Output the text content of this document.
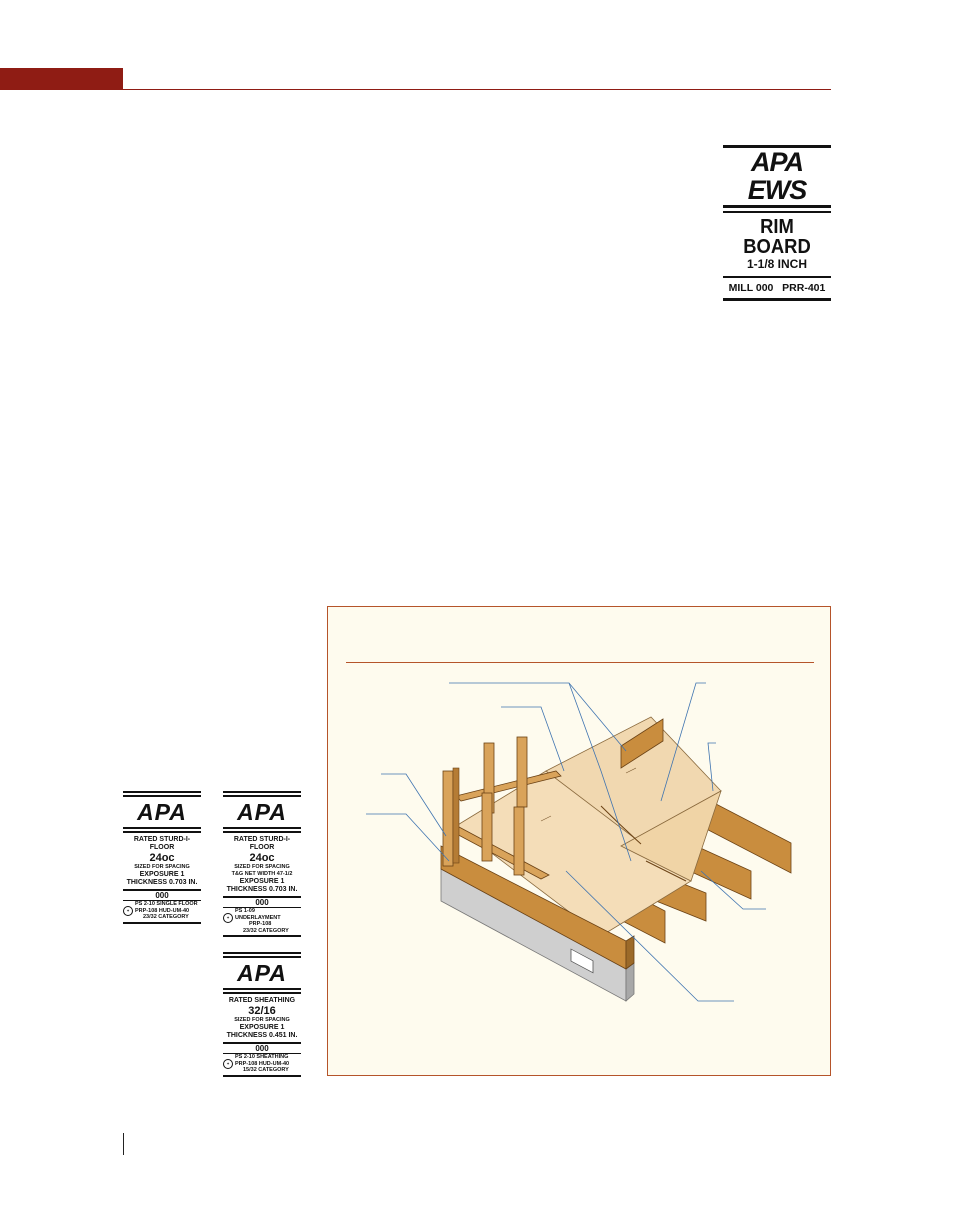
APA EWS
RIM BOARD
1-1/8 INCH
MILL 000 PRR-401
APA
RATED STURD-I-FLOOR
24oc
SIZED FOR SPACING
EXPOSURE 1
THICKNESS 0.703 IN.
000
✦
PS 2-10 SINGLE FLOOR
PRP-108 HUD-UM-40
23/32 CATEGORY
APA
RATED STURD-I-FLOOR
24oc
SIZED FOR SPACING
T&G NET WIDTH 47-1/2
EXPOSURE 1
THICKNESS 0.703 IN.
000
✦
PS 1-09 UNDERLAYMENT
PRP-108
23/32 CATEGORY
APA
RATED SHEATHING
32/16
SIZED FOR SPACING
EXPOSURE 1
THICKNESS 0.451 IN.
000
✦
PS 2-10 SHEATHING
PRP-108 HUD-UM-40
15/32 CATEGORY
